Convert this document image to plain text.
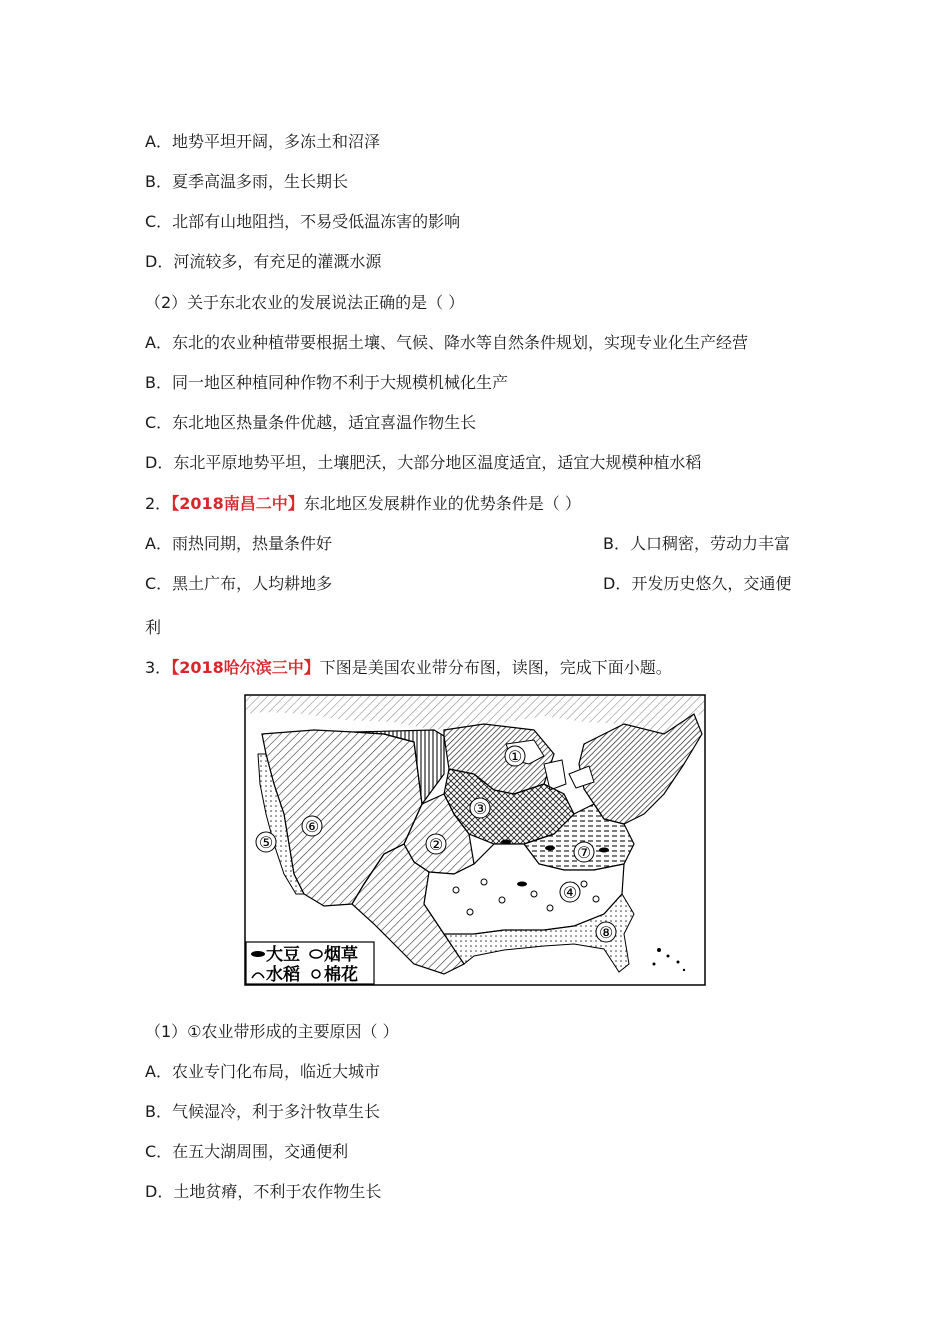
A．地势平坦开阔，多冻土和沼泽
B．夏季高温多雨，生长期长
C．北部有山地阻挡，不易受低温冻害的影响
D．河流较多，有充足的灌溉水源
（2）关于东北农业的发展说法正确的是（ ）
A．东北的农业种植带要根据土壤、气候、降水等自然条件规划，实现专业化生产经营
B．同一地区种植同种作物不利于大规模机械化生产
C．东北地区热量条件优越，适宜喜温作物生长
D．东北平原地势平坦，土壤肥沃，大部分地区温度适宜，适宜大规模种植水稻
2．【2018南昌二中】东北地区发展耕作业的优势条件是（ ）
A．雨热同期，热量条件好	B．人口稠密，劳动力丰富
C．黑土广布，人均耕地多	D．开发历史悠久，交通便
利
3．【2018哈尔滨三中】下图是美国农业带分布图，读图，完成下面小题。
①
②
③
④
⑤
⑥
⑦
⑧
大豆 烟草
水稻 棉花
（1）①农业带形成的主要原因（ ）
A．农业专门化布局，临近大城市
B．气候湿冷，利于多汁牧草生长
C．在五大湖周围，交通便利
D．土地贫瘠，不利于农作物生长
